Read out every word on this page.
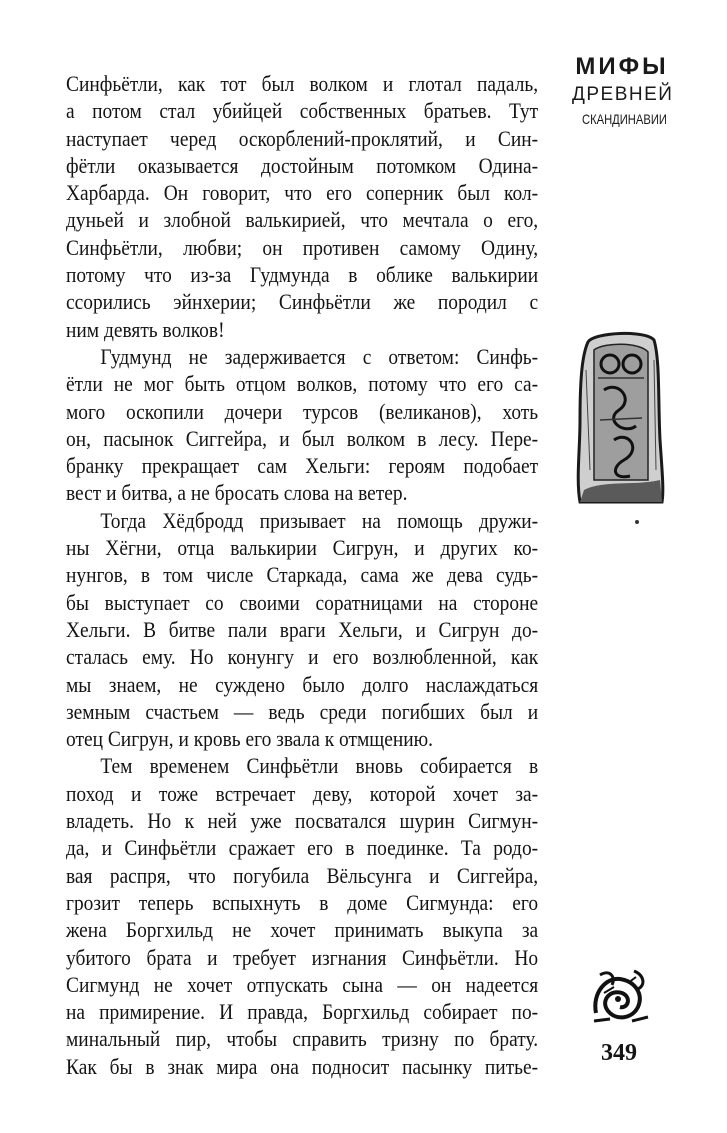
Синфьётли, как тот был волком и глотал падаль,
а потом стал убийцей собственных братьев. Тут
наступает черед оскорблений-проклятий, и Син-
фётли оказывается достойным потомком Одина-
Харбарда. Он говорит, что его соперник был кол-
дуньей и злобной валькирией, что мечтала о его,
Синфьётли, любви; он противен самому Одину,
потому что из-за Гудмунда в облике валькирии
ссорились эйнхерии; Синфьётли же породил с
ним девять волков!
Гудмунд не задерживается с ответом: Синфь-
ётли не мог быть отцом волков, потому что его са-
мого оскопили дочери турсов (великанов), хоть
он, пасынок Сиггейра, и был волком в лесу. Пере-
бранку прекращает сам Хельги: героям подобает
вест и битва, а не бросать слова на ветер.
Тогда Хёдбродд призывает на помощь дружи-
ны Хёгни, отца валькирии Сигрун, и других ко-
нунгов, в том числе Старкада, сама же дева судь-
бы выступает со своими соратницами на стороне
Хельги. В битве пали враги Хельги, и Сигрун до-
сталась ему. Но конунгу и его возлюбленной, как
мы знаем, не суждено было долго наслаждаться
земным счастьем — ведь среди погибших был и
отец Сигрун, и кровь его звала к отмщению.
Тем временем Синфьётли вновь собирается в
поход и тоже встречает деву, которой хочет за-
владеть. Но к ней уже посватался шурин Сигмун-
да, и Синфьётли сражает его в поединке. Та родо-
вая распря, что погубила Вёльсунга и Сиггейра,
грозит теперь вспыхнуть в доме Сигмунда: его
жена Боргхильд не хочет принимать выкупа за
убитого брата и требует изгнания Синфьётли. Но
Сигмунд не хочет отпускать сына — он надеется
на примирение. И правда, Боргхильд собирает по-
минальный пир, чтобы справить тризну по брату.
Как бы в знак мира она подносит пасынку питье-
МИФЫ
ДРЕВНЕЙ
СКАНДИНАВИИ
349
